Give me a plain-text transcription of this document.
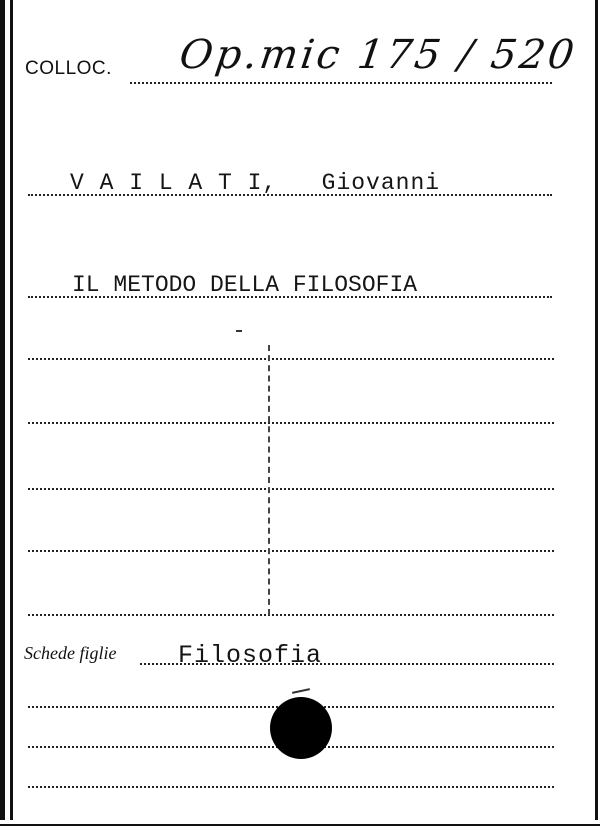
COLLOC. Op.mic 175 / 520
V A I L A T I,   Giovanni
IL METODO DELLA FILOSOFIA
Schede figlie Filosofia
